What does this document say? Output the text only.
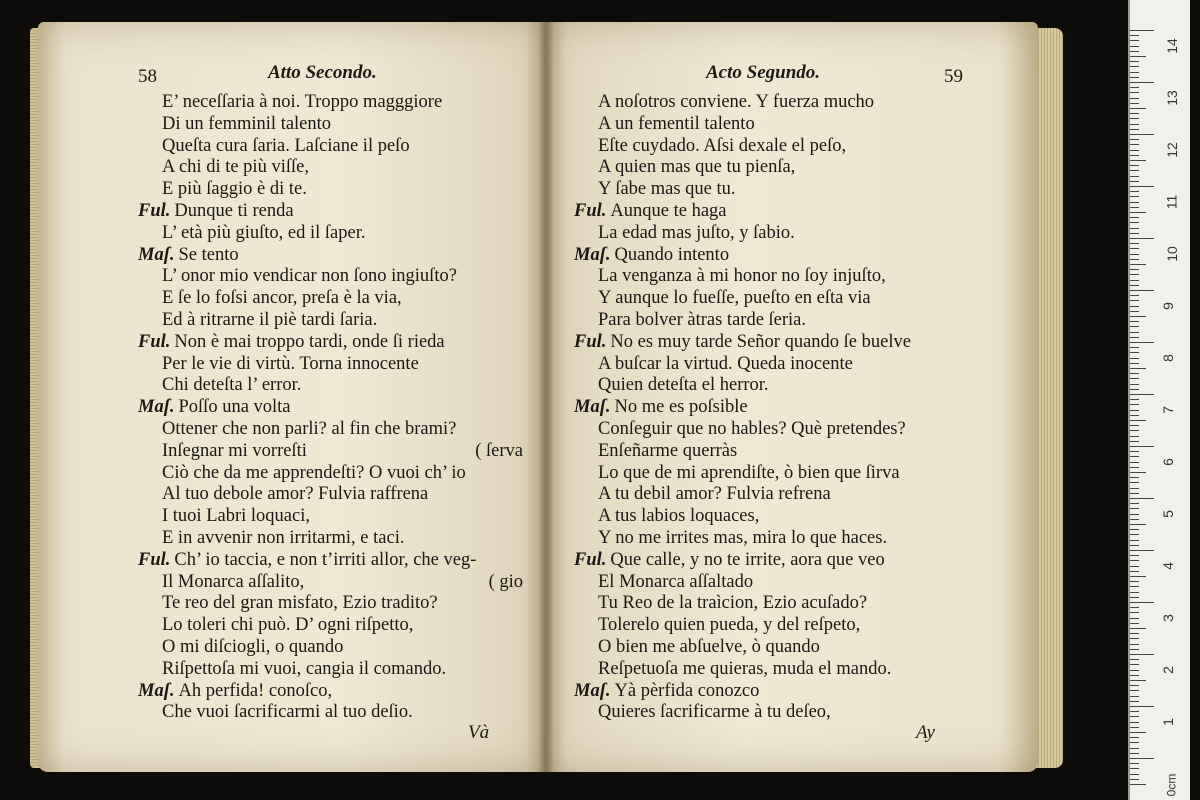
58	Atto Secondo.
E’ neceſſaria à noi. Troppo magggiore
Di un femminil talento
Queſta cura ſaria. Laſciane il peſo
A chi di te più viſſe,
E più ſaggio è di te.
Ful. Dunque ti renda
L’ età più giuſto, ed il ſaper.
Maſ. Se tento
L’ onor mio vendicar non ſono ingiuſto?
E ſe lo foſsi ancor, preſa è la via,
Ed à ritrarne il piè tardi ſaria.
Ful. Non è mai troppo tardi, onde ſi rieda
Per le vie di virtù. Torna innocente
Chi deteſta l’ error.
Maſ. Poſſo una volta
Ottener che non parli? al fin che brami?
Inſegnar mi vorreſti	( ſerva
Ciò che da me apprendeſti? O vuoi ch’ io
Al tuo debole amor? Fulvia raffrena
I tuoi Labri loquaci,
E in avvenir non irritarmi, e taci.
Ful. Ch’ io taccia, e non t’irriti allor, che veg-
Il Monarca aſſalito,	( gio
Te reo del gran misfato, Ezio tradito?
Lo toleri chi può. D’ ogni riſpetto,
O mi diſciogli, o quando
Riſpettoſa mi vuoi, cangia il comando.
Maſ. Ah perfida! conoſco,
Che vuoi ſacrificarmi al tuo deſio.
Và
Acto Segundo.	59
A noſotros conviene. Y fuerza mucho
A un fementil talento
Eſte cuydado. Aſsi dexale el peſo,
A quien mas que tu pienſa,
Y ſabe mas que tu.
Ful. Aunque te haga
La edad mas juſto, y ſabio.
Maſ. Quando intento
La venganza à mi honor no ſoy injuſto,
Y aunque lo fueſſe, pueſto en eſta via
Para bolver àtras tarde ſeria.
Ful. No es muy tarde Señor quando ſe buelve
A buſcar la virtud. Queda inocente
Quien deteſta el herror.
Maſ. No me es poſsible
Conſeguir que no hables? Què pretendes?
Enſeñarme querràs
Lo que de mi aprendiſte, ò bien que ſirva
A tu debil amor? Fulvia refrena
A tus labios loquaces,
Y no me irrites mas, mira lo que haces.
Ful. Que calle, y no te irrite, aora que veo
El Monarca aſſaltado
Tu Reo de la traìcion, Ezio acuſado?
Tolerelo quien pueda, y del reſpeto,
O bien me abſuelve, ò quando
Reſpetuoſa me quieras, muda el mando.
Maſ. Yà pèrfida conozco
Quieres ſacrificarme à tu deſeo,
Ay
0cm
14
13
12
11
10
9
8
7
6
5
4
3
2
1
